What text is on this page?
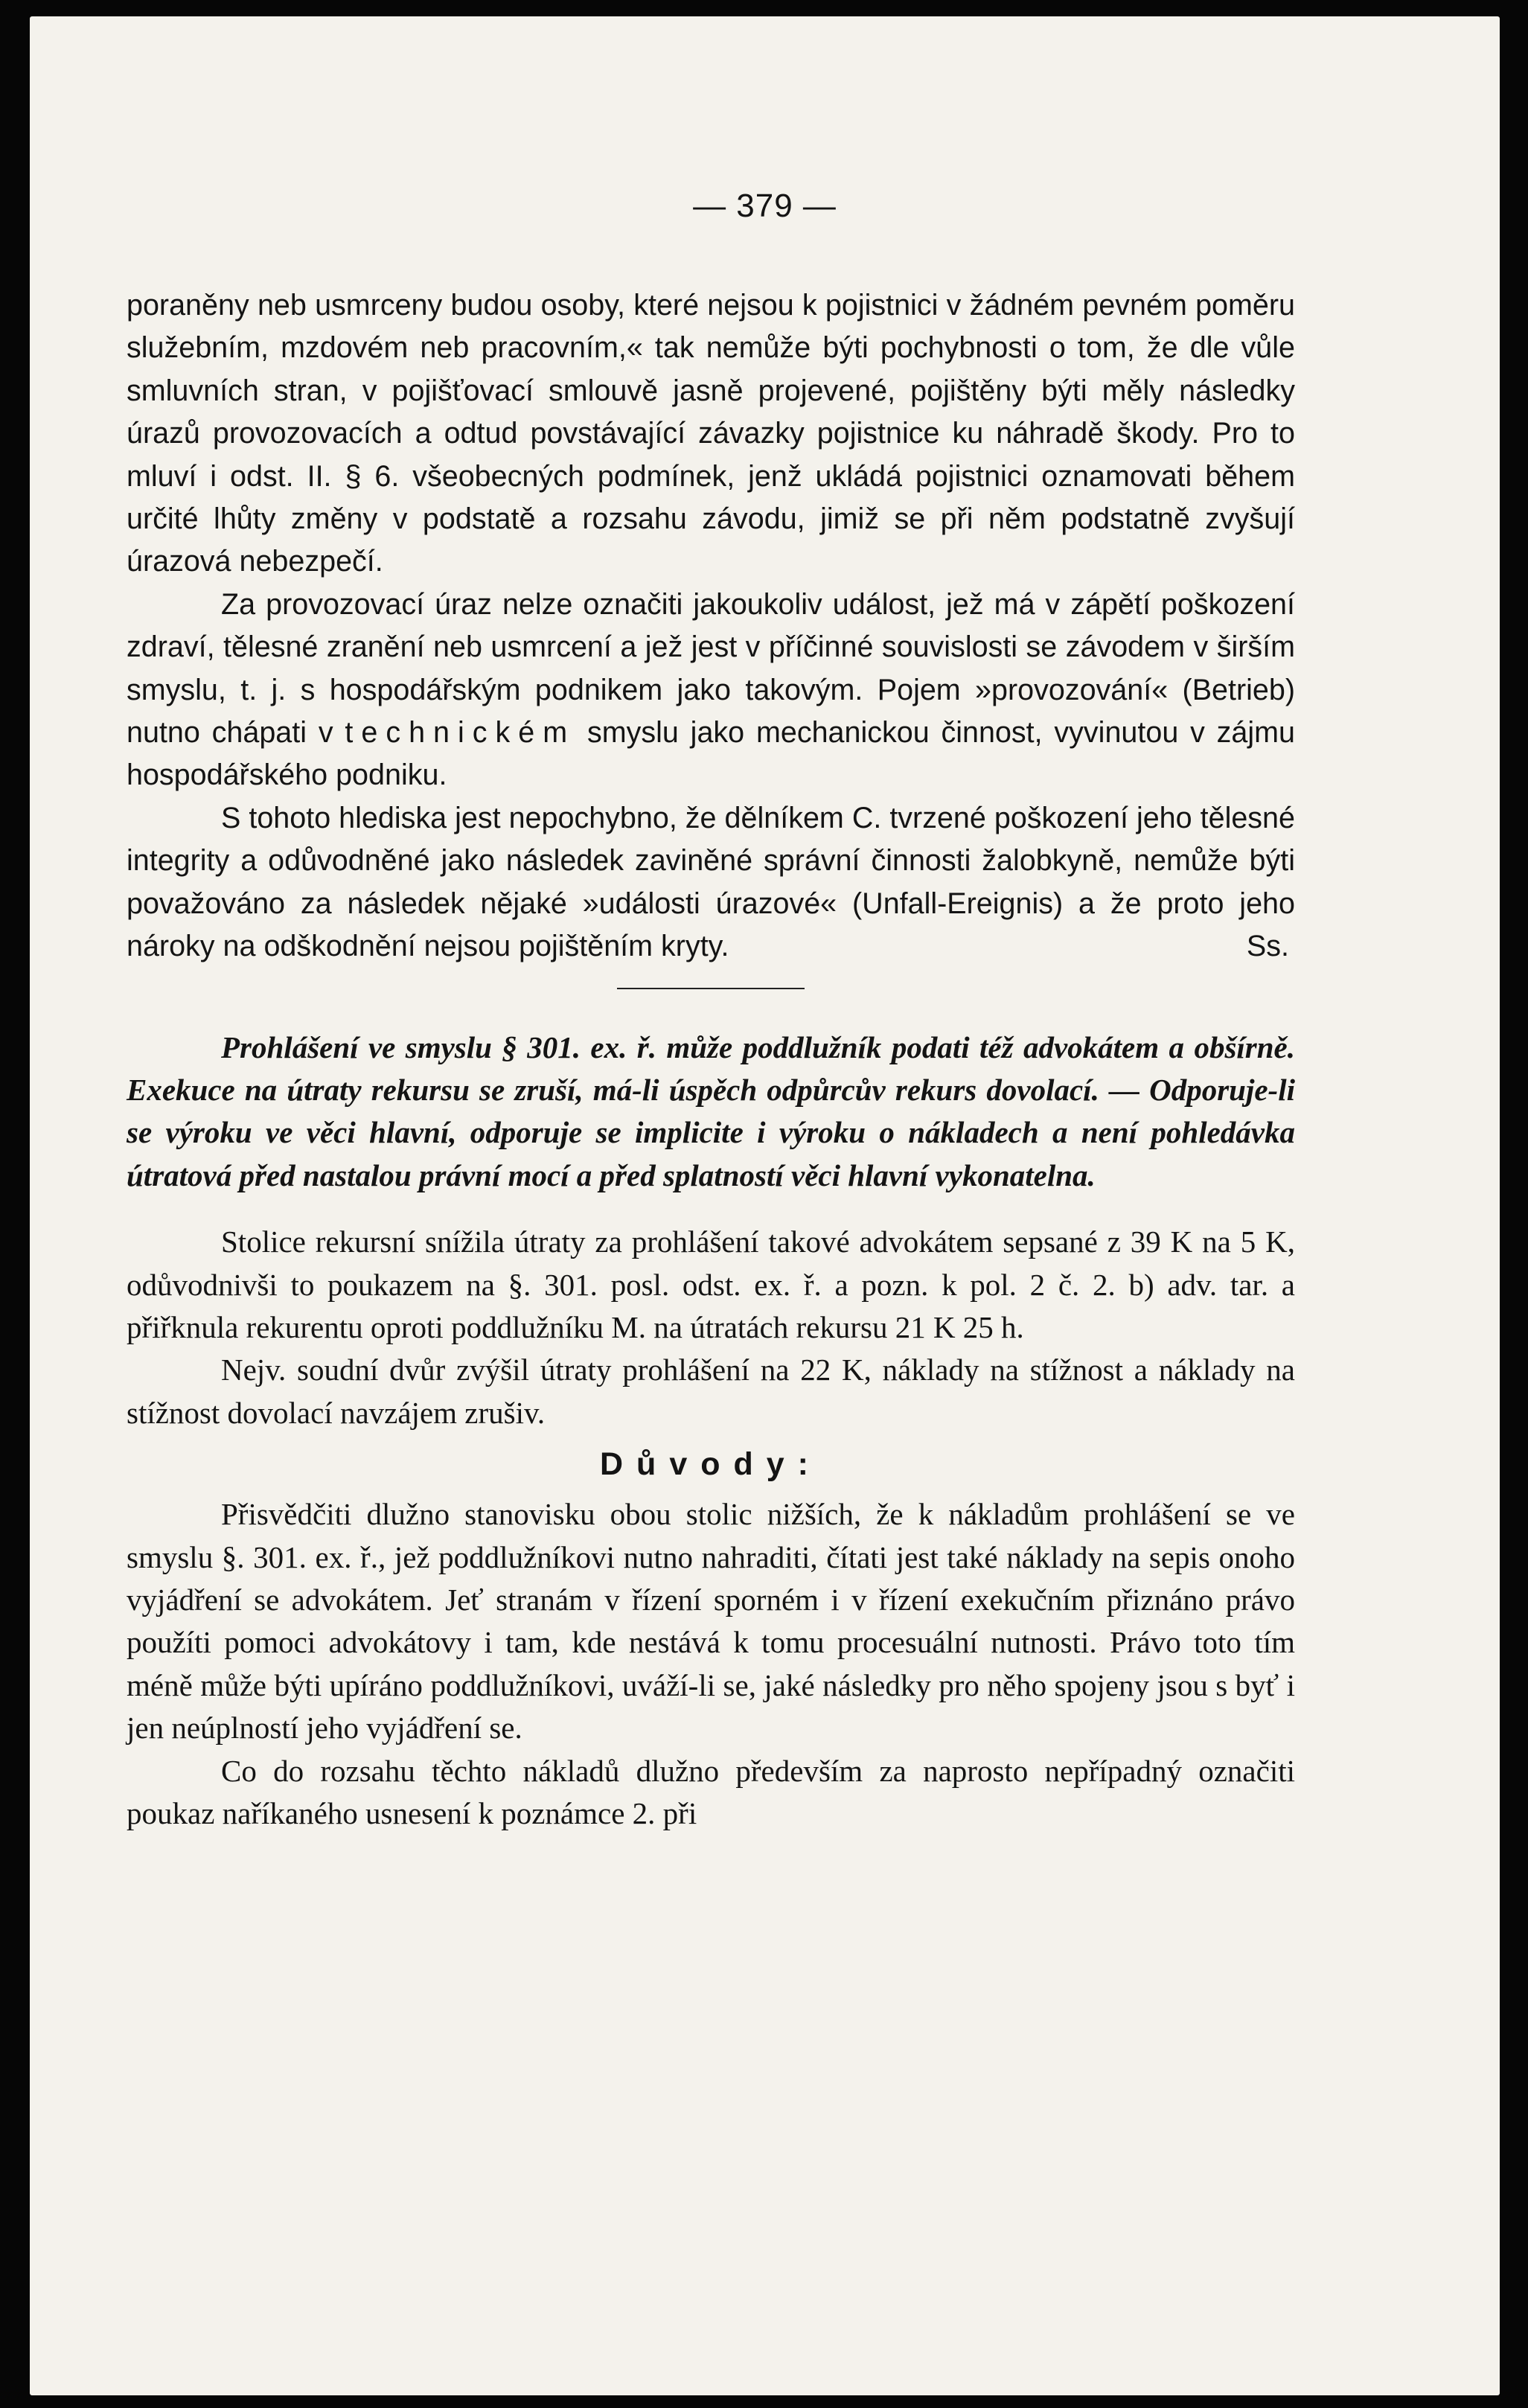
— 379 —

poraněny neb usmrceny budou osoby, které nejsou k pojistnici v žádném pevném poměru služebním, mzdovém neb pracovním,« tak nemůže býti pochybnosti o tom, že dle vůle smluvních stran, v pojišťovací smlouvě jasně projevené, pojištěny býti měly následky úrazů provozovacích a odtud povstávající závazky pojistnice ku náhradě škody. Pro to mluví i odst. II. § 6. všeobecných podmínek, jenž ukládá pojistnici oznamovati během určité lhůty změny v podstatě a rozsahu závodu, jimiž se při něm podstatně zvyšují úrazová nebezpečí.

Za provozovací úraz nelze označiti jakoukoliv událost, jež má v zápětí poškození zdraví, tělesné zranění neb usmrcení a jež jest v příčinné souvislosti se závodem v širším smyslu, t. j. s hospodářským podnikem jako takovým. Pojem »provozování« (Betrieb) nutno chápati v technickém smyslu jako mechanickou činnost, vyvinutou v zájmu hospodářského podniku.

S tohoto hlediska jest nepochybno, že dělníkem C. tvrzené poškození jeho tělesné integrity a odůvodněné jako následek zaviněné správní činnosti žalobkyně, nemůže býti považováno za následek nějaké »události úrazové« (Unfall-Ereignis) a že proto jeho nároky na odškodnění nejsou pojištěním kryty.	Ss.

Prohlášení ve smyslu § 301. ex. ř. může poddlužník podati též advokátem a obšírně. Exekuce na útraty rekursu se zruší, má-li úspěch odpůrcův rekurs dovolací. — Odporuje-li se výroku ve věci hlavní, odporuje se implicite i výroku o nákladech a není pohledávka útratová před nastalou právní mocí a před splatností věci hlavní vykonatelna.

Stolice rekursní snížila útraty za prohlášení takové advokátem sepsané z 39 K na 5 K, odůvodnivši to poukazem na §. 301. posl. odst. ex. ř. a pozn. k pol. 2 č. 2. b) adv. tar. a přiřknula rekurentu oproti poddlužníku M. na útratách rekursu 21 K 25 h.

Nejv. soudní dvůr zvýšil útraty prohlášení na 22 K, náklady na stížnost a náklady na stížnost dovolací navzájem zrušiv.

Důvody:

Přisvědčiti dlužno stanovisku obou stolic nižších, že k nákladům prohlášení se ve smyslu §. 301. ex. ř., jež poddlužníkovi nutno nahraditi, čítati jest také náklady na sepis onoho vyjádření se advokátem. Jeť stranám v řízení sporném i v řízení exekučním přiznáno právo použíti pomoci advokátovy i tam, kde nestává k tomu procesuální nutnosti. Právo toto tím méně může býti upíráno poddlužníkovi, uváží-li se, jaké následky pro něho spojeny jsou s byť i jen neúplností jeho vyjádření se.

Co do rozsahu těchto nákladů dlužno především za naprosto nepřípadný označiti poukaz naříkaného usnesení k poznámce 2. při
